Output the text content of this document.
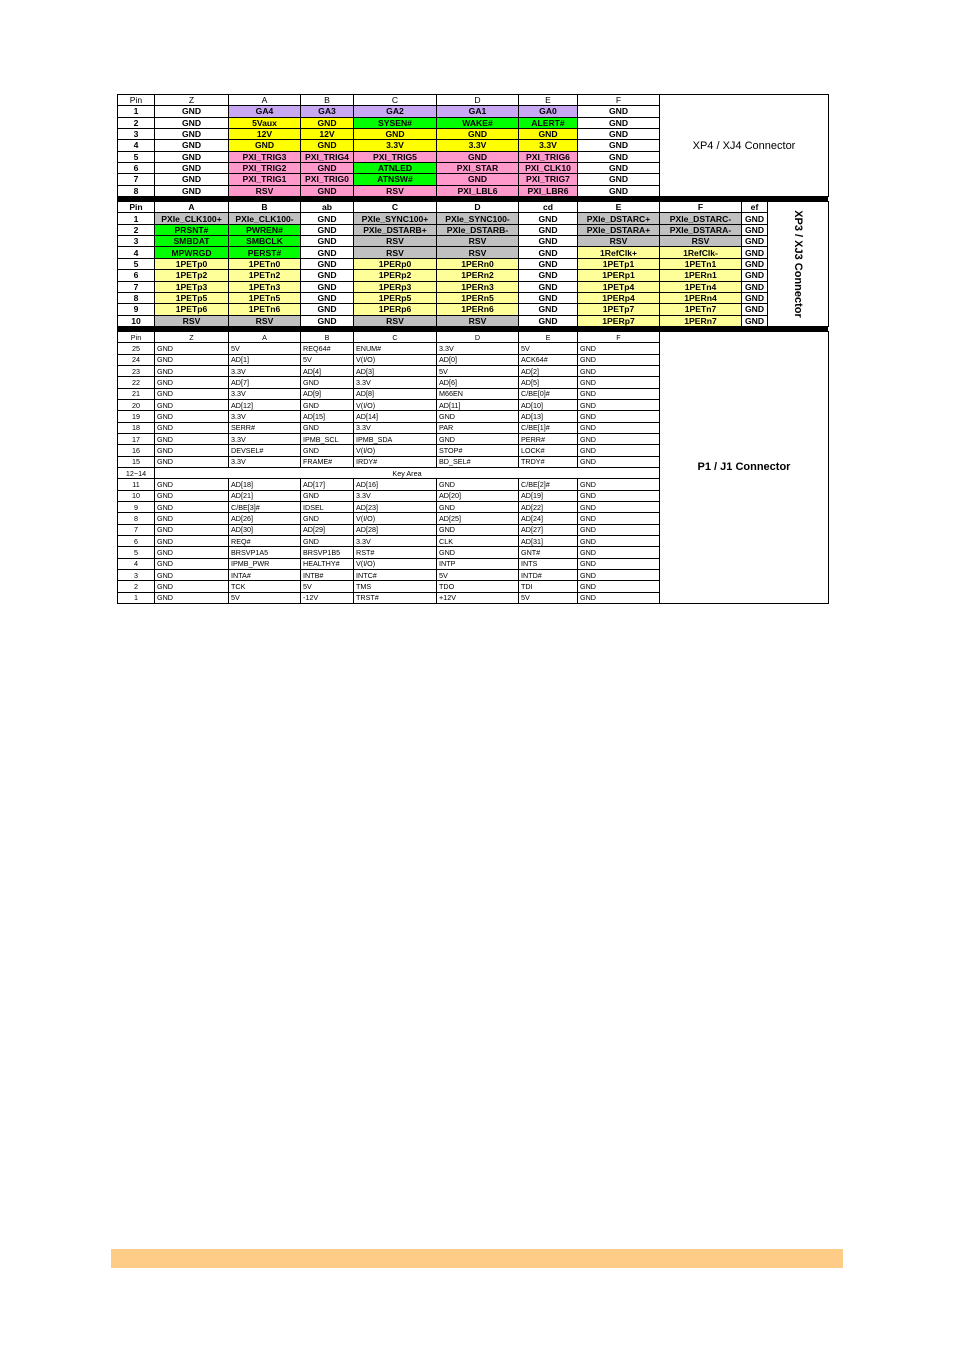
Pin	Z	A	B	C	D	E	F	XP4 / XJ4 Connector
1	GND	GA4	GA3	GA2	GA1	GA0	GND	
2	GND	5Vaux	GND	SYSEN#	WAKE#	ALERT#	GND	
3	GND	12V	12V	GND	GND	GND	GND	
4	GND	GND	GND	3.3V	3.3V	3.3V	GND	
5	GND	PXI_TRIG3	PXI_TRIG4	PXI_TRIG5	GND	PXI_TRIG6	GND	
6	GND	PXI_TRIG2	GND	ATNLED	PXI_STAR	PXI_CLK10	GND	
7	GND	PXI_TRIG1	PXI_TRIG0	ATNSW#	GND	PXI_TRIG7	GND	
8	GND	RSV	GND	RSV	PXI_LBL6	PXI_LBR6	GND	
Pin	A	B	ab	C	D	cd	E	F	ef	XP3 / XJ3 Connector

1	PXIe_CLK100+	PXIe_CLK100-	GND	PXIe_SYNC100+	PXIe_SYNC100-	GND	PXIe_DSTARC+	PXIe_DSTARC-	GND	
2	PRSNT#	PWREN#	GND	PXIe_DSTARB+	PXIe_DSTARB-	GND	PXIe_DSTARA+	PXIe_DSTARA-	GND	
3	SMBDAT	SMBCLK	GND	RSV	RSV	GND	RSV	RSV	GND	
4	MPWRGD	PERST#	GND	RSV	RSV	GND	1RefClk+	1RefClk-	GND	
5	1PETp0	1PETn0	GND	1PERp0	1PERn0	GND	1PETp1	1PETn1	GND	
6	1PETp2	1PETn2	GND	1PERp2	1PERn2	GND	1PERp1	1PERn1	GND	
7	1PETp3	1PETn3	GND	1PERp3	1PERn3	GND	1PETp4	1PETn4	GND	
8	1PETp5	1PETn5	GND	1PERp5	1PERn5	GND	1PERp4	1PERn4	GND	
9	1PETp6	1PETn6	GND	1PERp6	1PERn6	GND	1PETp7	1PETn7	GND	
10	RSV	RSV	GND	RSV	RSV	GND	1PERp7	1PERn7	GND	
Pin	Z	A	B	C	D	E	F	P1 / J1 Connector
25	GND	5V	REQ64#	ENUM#	3.3V	5V	GND	
24	GND	AD[1]	5V	V(I/O)	AD[0]	ACK64#	GND	
23	GND	3.3V	AD[4]	AD[3]	5V	AD[2]	GND	
22	GND	AD[7]	GND	3.3V	AD[6]	AD[5]	GND	
21	GND	3.3V	AD[9]	AD[8]	M66EN	C/BE[0]#	GND	
20	GND	AD[12]	GND	V(I/O)	AD[11]	AD[10]	GND	
19	GND	3.3V	AD[15]	AD[14]	GND	AD[13]	GND	
18	GND	SERR#	GND	3.3V	PAR	C/BE[1]#	GND	
17	GND	3.3V	IPMB_SCL	IPMB_SDA	GND	PERR#	GND	
16	GND	DEVSEL#	GND	V(I/O)	STOP#	LOCK#	GND	
15	GND	3.3V	FRAME#	IRDY#	BD_SEL#	TRDY#	GND	
12~14	Key Area							
11	GND	AD[18]	AD[17]	AD[16]	GND	C/BE[2]#	GND	
10	GND	AD[21]	GND	3.3V	AD[20]	AD[19]	GND	
9	GND	C/BE[3]#	IDSEL	AD[23]	GND	AD[22]	GND	
8	GND	AD[26]	GND	V(I/O)	AD[25]	AD[24]	GND	
7	GND	AD[30]	AD[29]	AD[28]	GND	AD[27]	GND	
6	GND	REQ#	GND	3.3V	CLK	AD[31]	GND	
5	GND	BRSVP1A5	BRSVP1B5	RST#	GND	GNT#	GND	
4	GND	IPMB_PWR	HEALTHY#	V(I/O)	INTP	INTS	GND	
3	GND	INTA#	INTB#	INTC#	5V	INTD#	GND	
2	GND	TCK	5V	TMS	TDO	TDI	GND	
1	GND	5V	-12V	TRST#	+12V	5V	GND	
